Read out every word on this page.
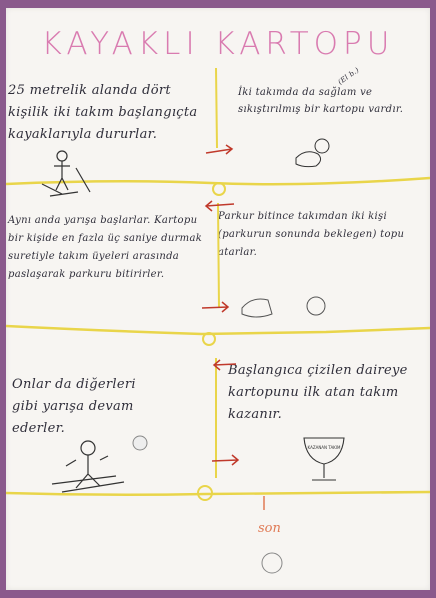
KAYAKLI KARTOPU
25 metrelik alanda dört kişilik iki takım başlangıçta kayaklarıyla dururlar.
İki takımda da sağlam ve sıkıştırılmış bir kartopu vardır.
(El b.)
Aynı anda yarışa başlarlar. Kartopu bir kişide en fazla üç saniye durmak suretiyle takım üyeleri arasında paslaşarak parkuru bitirirler.
Parkur bitince takımdan iki kişi (parkurun sonunda beklegen) topu atarlar.
Onlar da diğerleri gibi yarışa devam ederler.
Başlangıca çizilen daireye kartopunu ilk atan takım kazanır.
son
KAZANAN TAKIM
